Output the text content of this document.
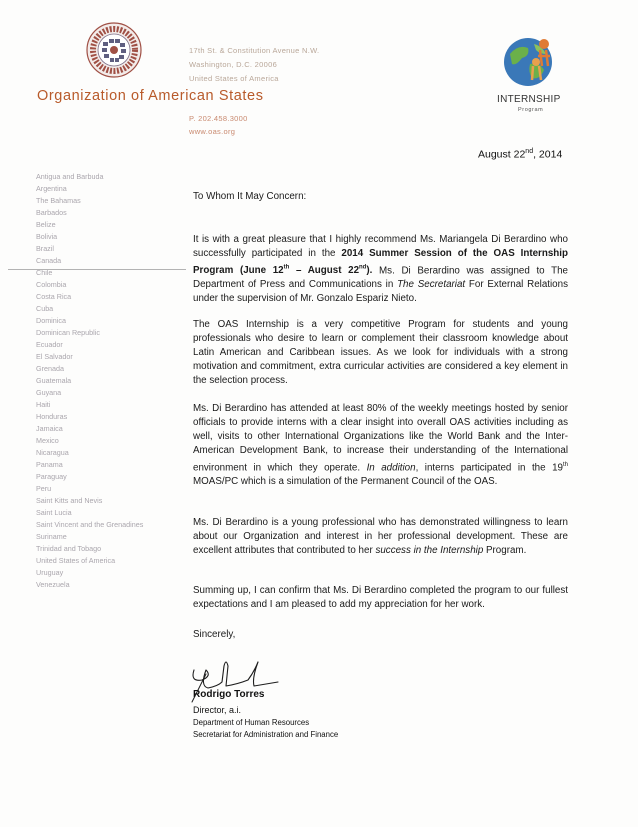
Organization of American States
17th St. & Constitution Avenue N.W.
Washington, D.C. 20006
United States of America
P. 202.458.3000
www.oas.org
INTERNSHIP
Program
August 22nd, 2014
Antigua and Barbuda
Argentina
The Bahamas
Barbados
Belize
Bolivia
Brazil
Canada
Chile
Colombia
Costa Rica
Cuba
Dominica
Dominican Republic
Ecuador
El Salvador
Grenada
Guatemala
Guyana
Haiti
Honduras
Jamaica
Mexico
Nicaragua
Panama
Paraguay
Peru
Saint Kitts and Nevis
Saint Lucia
Saint Vincent and the Grenadines
Suriname
Trinidad and Tobago
United States of America
Uruguay
Venezuela

To Whom It May Concern:

It is with a great pleasure that I highly recommend Ms. Mariangela Di Berardino who successfully participated in the 2014 Summer Session of the OAS Internship Program (June 12th – August 22nd). Ms. Di Berardino was assigned to The Department of Press and Communications in The Secretariat For External Relations under the supervision of Mr. Gonzalo Espariz Nieto.

The OAS Internship is a very competitive Program for students and young professionals who desire to learn or complement their classroom knowledge about Latin American and Caribbean issues. As we look for individuals with a strong motivation and commitment, extra curricular activities are considered a key element in the selection process.

Ms. Di Berardino has attended at least 80% of the weekly meetings hosted by senior officials to provide interns with a clear insight into overall OAS activities including as well, visits to other International Organizations like the World Bank and the Inter-American Development Bank, to increase their understanding of the International environment in which they operate. In addition, interns participated in the 19th MOAS/PC which is a simulation of the Permanent Council of the OAS.

Ms. Di Berardino is a young professional who has demonstrated willingness to learn about our Organization and interest in her professional development. These are excellent attributes that contributed to her success in the Internship Program.

Summing up, I can confirm that Ms. Di Berardino completed the program to our fullest expectations and I am pleased to add my appreciation for her work.

Sincerely,

Rodrigo Torres
Director, a.i.
Department of Human Resources
Secretariat for Administration and Finance
